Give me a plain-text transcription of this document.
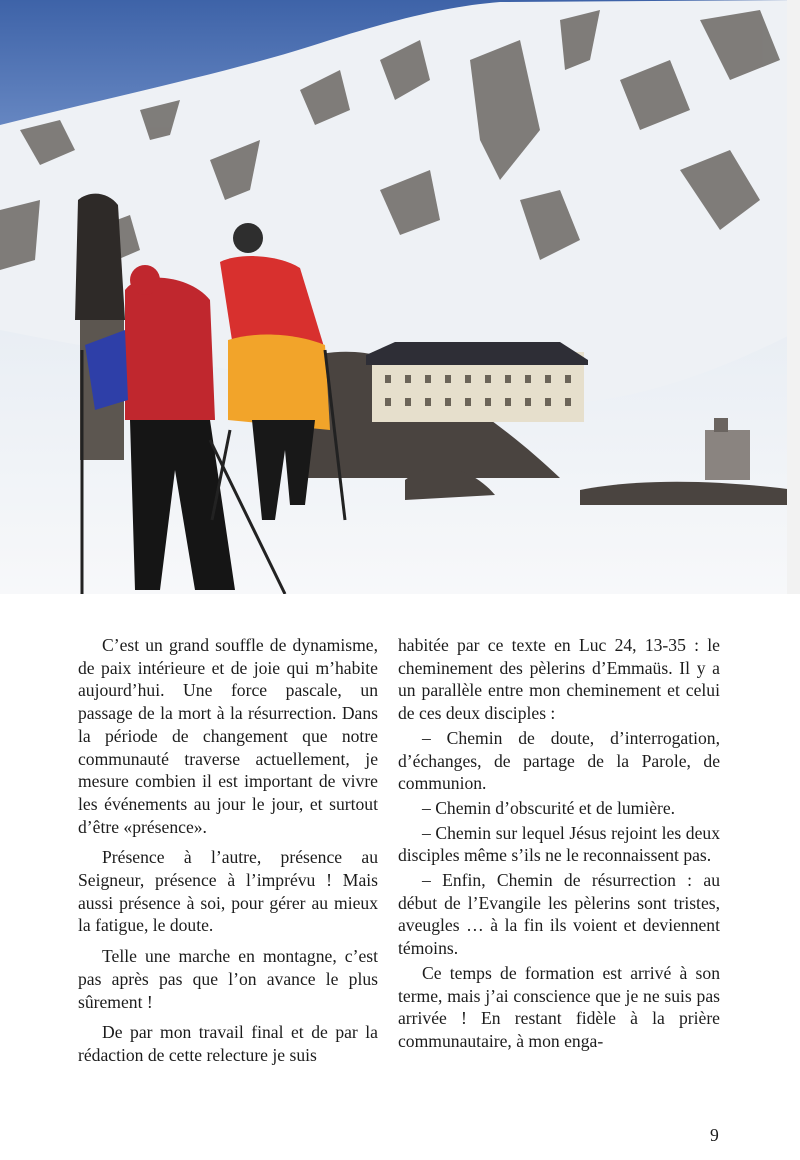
C’est un grand souffle de dynamisme, de paix intérieure et de joie qui m’habite aujourd’hui. Une force pascale, un passage de la mort à la résurrection. Dans la période de changement que notre communauté traverse actuellement, je mesure combien il est important de vivre les événements au jour le jour, et surtout d’être «présence».

Présence à l’autre, présence au Seigneur, présence à l’imprévu ! Mais aussi présence à soi, pour gérer au mieux la fatigue, le doute.

Telle une marche en montagne, c’est pas après pas que l’on avance le plus sûrement !

De par mon travail final et de par la rédaction de cette relecture je suis

habitée par ce texte en Luc 24, 13-35 : le cheminement des pèlerins d’Emmaüs. Il y a un parallèle entre mon cheminement et celui de ces deux disciples :

– Chemin de doute, d’interrogation, d’échanges, de partage de la Parole, de communion.

– Chemin d’obscurité et de lumière.

– Chemin sur lequel Jésus rejoint les deux disciples même s’ils ne le reconnaissent pas.

– Enfin, Chemin de résurrection : au début de l’Evangile les pèlerins sont tristes, aveugles … à la fin ils voient et deviennent témoins.

Ce temps de formation est arrivé à son terme, mais j’ai conscience que je ne suis pas arrivée ! En restant fidèle à la prière communautaire, à mon enga-

9
